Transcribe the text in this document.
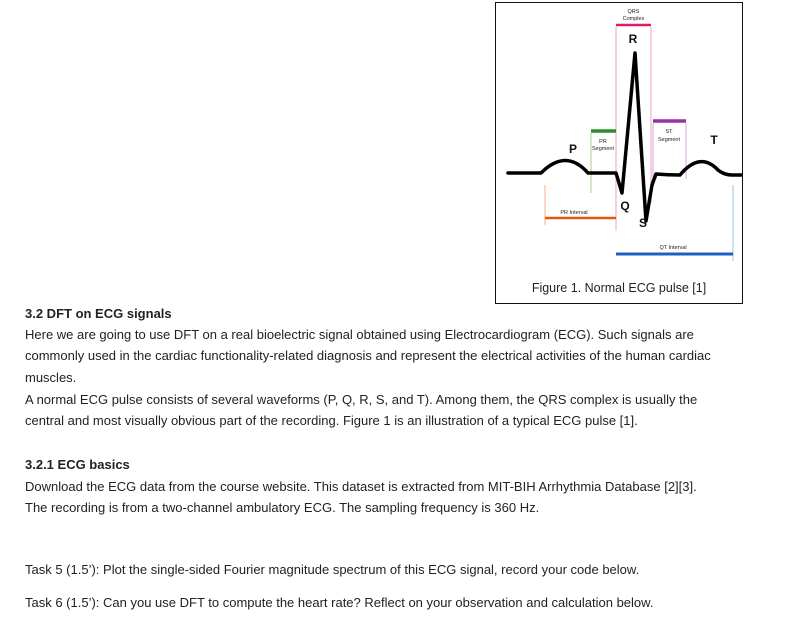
QRS
Complex
PR
Segment
ST
Segment
PR Interval
QT Interval
R
P
Q
S
T
Figure 1. Normal ECG pulse [1]
3.2 DFT on ECG signals
Here we are going to use DFT on a real bioelectric signal obtained using Electrocardiogram (ECG). Such signals are
commonly used in the cardiac functionality-related diagnosis and represent the electrical activities of the human cardiac
muscles.
A normal ECG pulse consists of several waveforms (P, Q, R, S, and T). Among them, the QRS complex is usually the
central and most visually obvious part of the recording. Figure 1 is an illustration of a typical ECG pulse [1].
3.2.1 ECG basics
Download the ECG data from the course website. This dataset is extracted from MIT-BIH Arrhythmia Database [2][3].
The recording is from a two-channel ambulatory ECG. The sampling frequency is 360 Hz.
Task 5 (1.5’): Plot the single-sided Fourier magnitude spectrum of this ECG signal, record your code below.
Task 6 (1.5’): Can you use DFT to compute the heart rate? Reflect on your observation and calculation below.
